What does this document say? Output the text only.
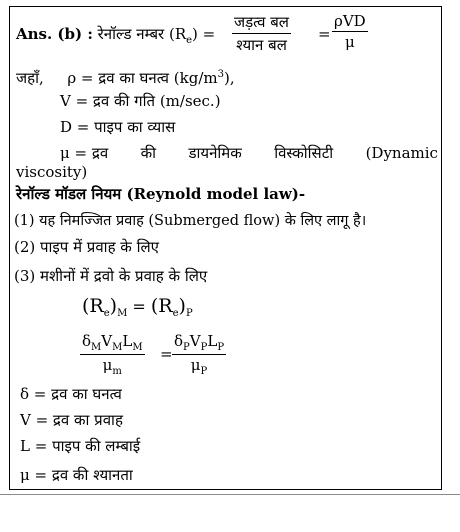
Ans. (b) : रेनॉल्ड नम्बर $(R_e)$ =
जड़त्व बल
श्यान बल
=
ρVD
μ
जहाँ, ρ = द्रव का घनत्व $(kg/m^3)$,
V = द्रव की गति (m/sec.)
D = पाइप का व्यास
μ = द्रव की डायनेमिक विस्कोसिटी (Dynamic
viscosity)
रेनॉल्ड मॉडल नियम (Reynold model law)-
(1) यह निमज्जित प्रवाह (Submerged flow) के लिए लागू है।
(2) पाइप में प्रवाह के लिए
(3) मशीनों में द्रवो के प्रवाह के लिए
$(R_e)_M = (R_e)_P$
$\delta_MV_ML_M$
$\mu_m$
=
$\delta_PV_PL_P$
$\mu_P$
δ = द्रव का घनत्व
V = द्रव का प्रवाह
L = पाइप की लम्बाई
μ = द्रव की श्यानता
